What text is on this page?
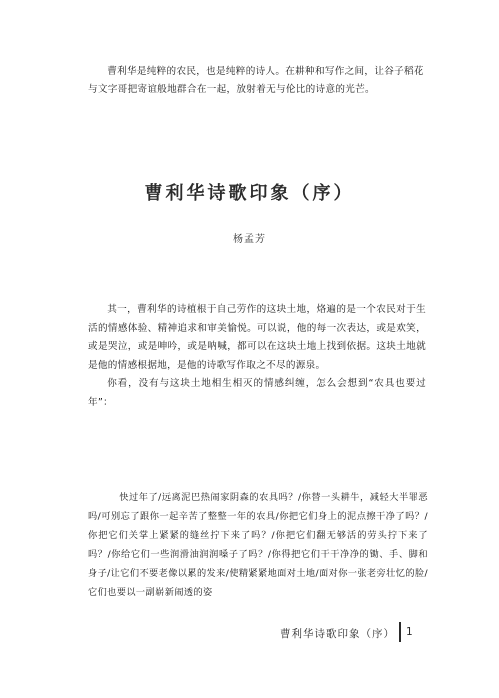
曹利华是纯粹的农民，也是纯粹的诗人。在耕种和写作之间，让谷子稻花与文字哥把寄谊般地群合在一起，放射着无与伦比的诗意的光芒。

曹利华诗歌印象（序）
杨孟芳

其一，曹利华的诗植根于自己劳作的这块土地，烙遍的是一个农民对于生活的情感体验、精神追求和审美愉悦。可以说，他的每一次表达，或是欢笑，或是哭泣，或是呻吟，或是呐喊，都可以在这块土地上找到依据。这块土地就是他的情感根据地，是他的诗歌写作取之不尽的源泉。

你看，没有与这块土地相生相灭的情感纠缠，怎么会想到“农具也要过年”：

快过年了/远离泥巴热闹家阴森的农具吗？/你替一头耕牛，减轻大半罪恶吗/可别忘了跟你一起辛苦了整整一年的农具/你把它们身上的泥点擦干净了吗？/你把它们关掌上紧紧的缝丝拧下来了吗？/你把它们翻无够活的劳头拧下来了吗？/你给它们一些润滑油润润嗓子了吗？/你得把它们干干净净的锄、手、脚和身子/让它们不要老像以累的发来/使精紧紧地面对土地/面对你一张老旁壮忆的脸/它们也要以一副崭新闹透的姿

曹利华诗歌印象（序） 1
